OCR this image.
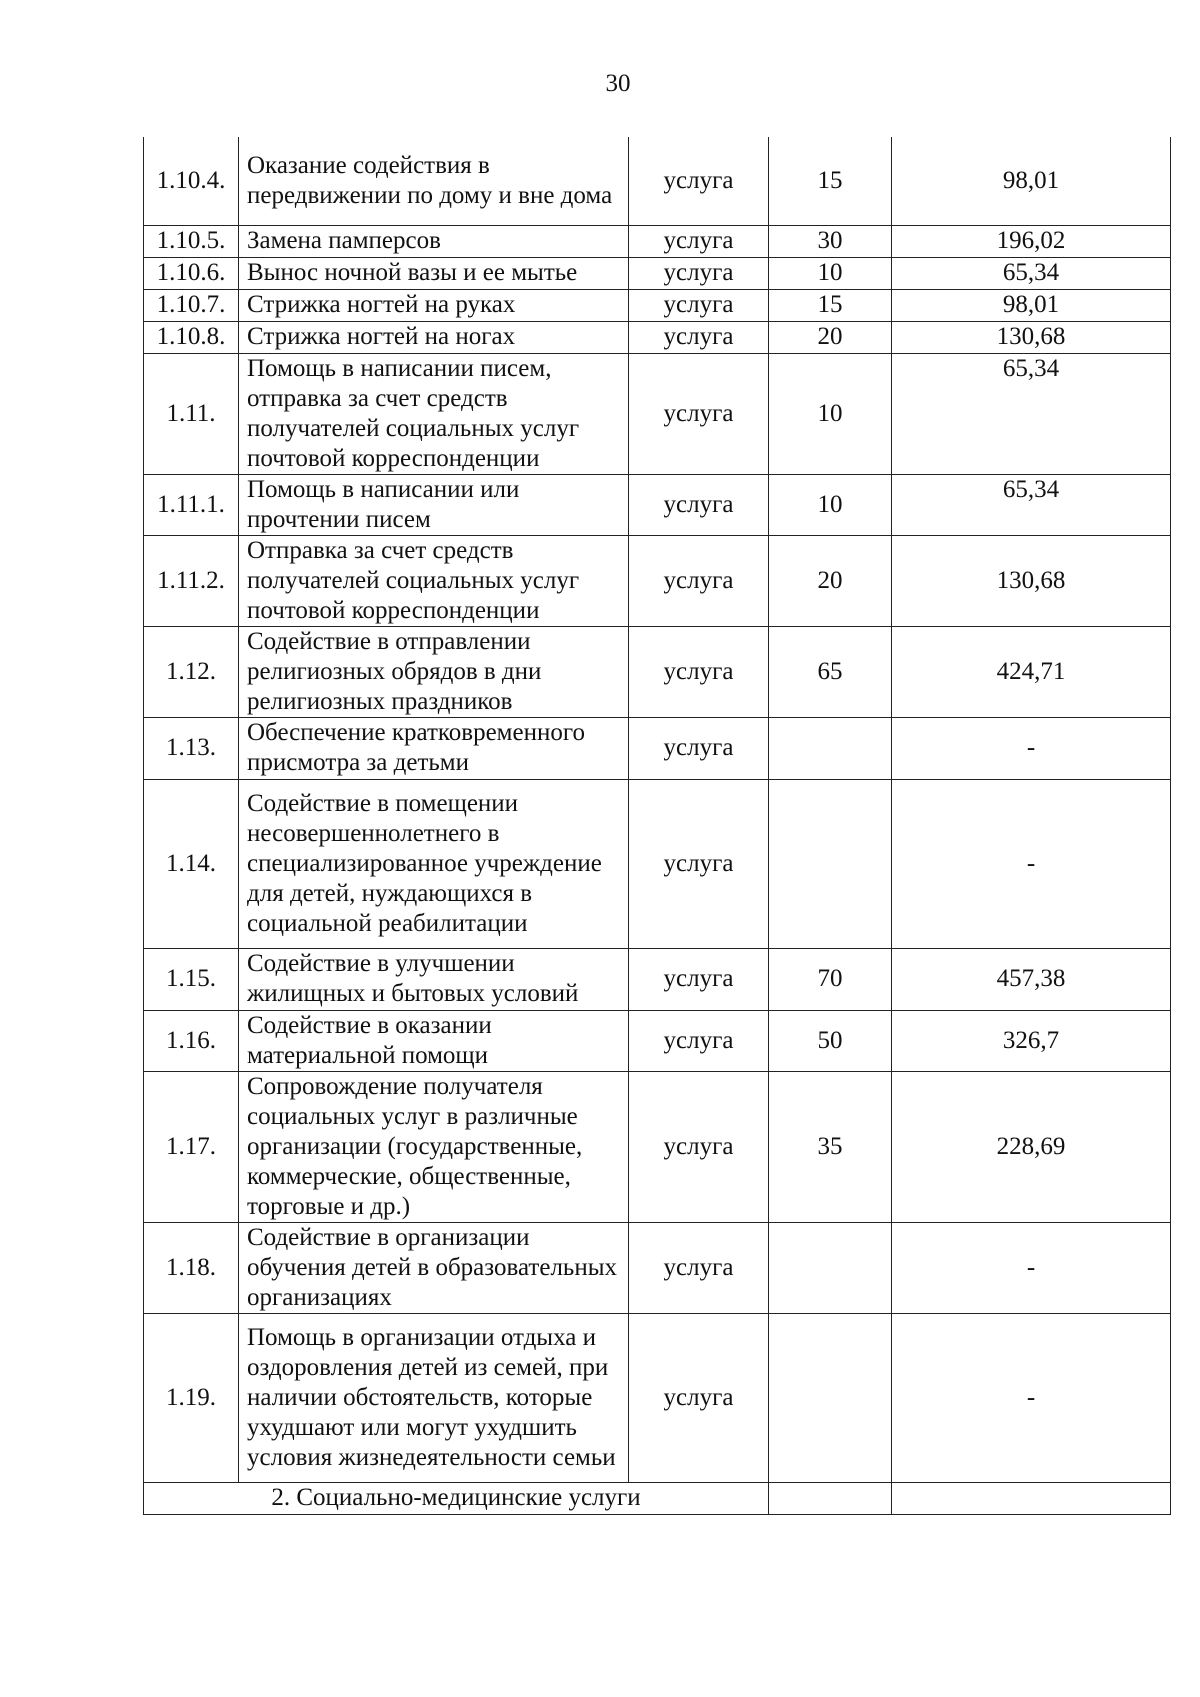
30
1.10.4.	Оказание содействия в передвижении по дому и вне дома	услуга	15	98,01
1.10.5.	Замена памперсов	услуга	30	196,02
1.10.6.	Вынос ночной вазы и ее мытье	услуга	10	65,34
1.10.7.	Стрижка ногтей на руках	услуга	15	98,01
1.10.8.	Стрижка ногтей на ногах	услуга	20	130,68
1.11.	Помощь в написании писем, отправка за счет средств получателей социальных услуг почтовой корреспонденции	услуга	10	65,34
1.11.1.	Помощь в написании или прочтении писем	услуга	10	65,34
1.11.2.	Отправка за счет средств получателей социальных услуг почтовой корреспонденции	услуга	20	130,68
1.12.	Содействие в отправлении религиозных обрядов в дни религиозных праздников	услуга	65	424,71
1.13.	Обеспечение кратковременного присмотра за детьми	услуга		-
1.14.	Содействие в помещении несовершеннолетнего в специализированное учреждение для детей, нуждающихся в социальной реабилитации	услуга		-
1.15.	Содействие в улучшении жилищных и бытовых условий	услуга	70	457,38
1.16.	Содействие в оказании материальной помощи	услуга	50	326,7
1.17.	Сопровождение получателя социальных услуг в различные организации (государственные, коммерческие, общественные, торговые и др.)	услуга	35	228,69
1.18.	Содействие в организации обучения детей в образовательных организациях	услуга		-
1.19.	Помощь в организации отдыха и оздоровления детей из семей, при наличии обстоятельств, которые ухудшают или могут ухудшить условия жизнедеятельности семьи	услуга		-
2. Социально-медицинские услуги				
